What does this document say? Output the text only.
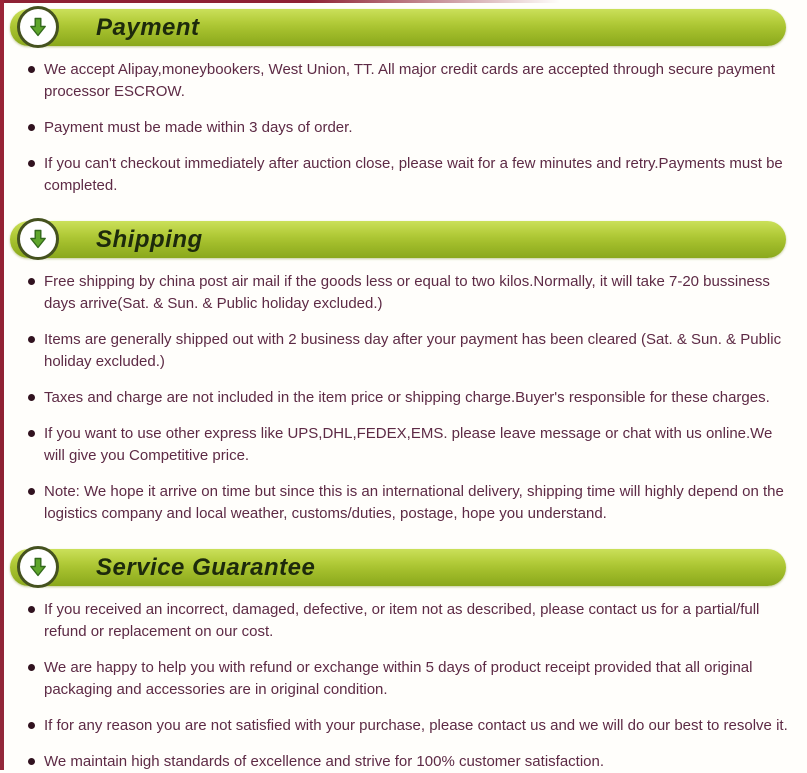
Payment
We accept Alipay,moneybookers, West Union, TT. All major credit cards are accepted through secure payment processor ESCROW.
Payment must be made within 3 days of order.
If you can't checkout immediately after auction close, please wait for a few minutes and retry.Payments must be completed.
Shipping
Free shipping by china post air mail if the goods less or equal to two kilos.Normally, it will take 7-20 bussiness days arrive(Sat. & Sun. & Public holiday excluded.)
Items are generally shipped out with 2 business day after your payment has been cleared (Sat. & Sun. & Public holiday excluded.)
Taxes and charge are not included in the item price or shipping charge.Buyer's responsible for these charges.
If you want to use other express like UPS,DHL,FEDEX,EMS. please leave message or chat with us online.We will give you Competitive price.
Note: We hope it arrive on time but since this is an international delivery, shipping time will highly depend on the logistics company and local weather, customs/duties, postage, hope you understand.
Service Guarantee
If you received an incorrect, damaged, defective, or item not as described, please contact us for a partial/full refund or replacement on our cost.
We are happy to help you with refund or exchange within 5 days of product receipt provided that all original packaging and accessories are in original condition.
If for any reason you are not satisfied with your purchase, please contact us and we will do our best to resolve it.
We maintain high standards of excellence and strive for 100% customer satisfaction.
